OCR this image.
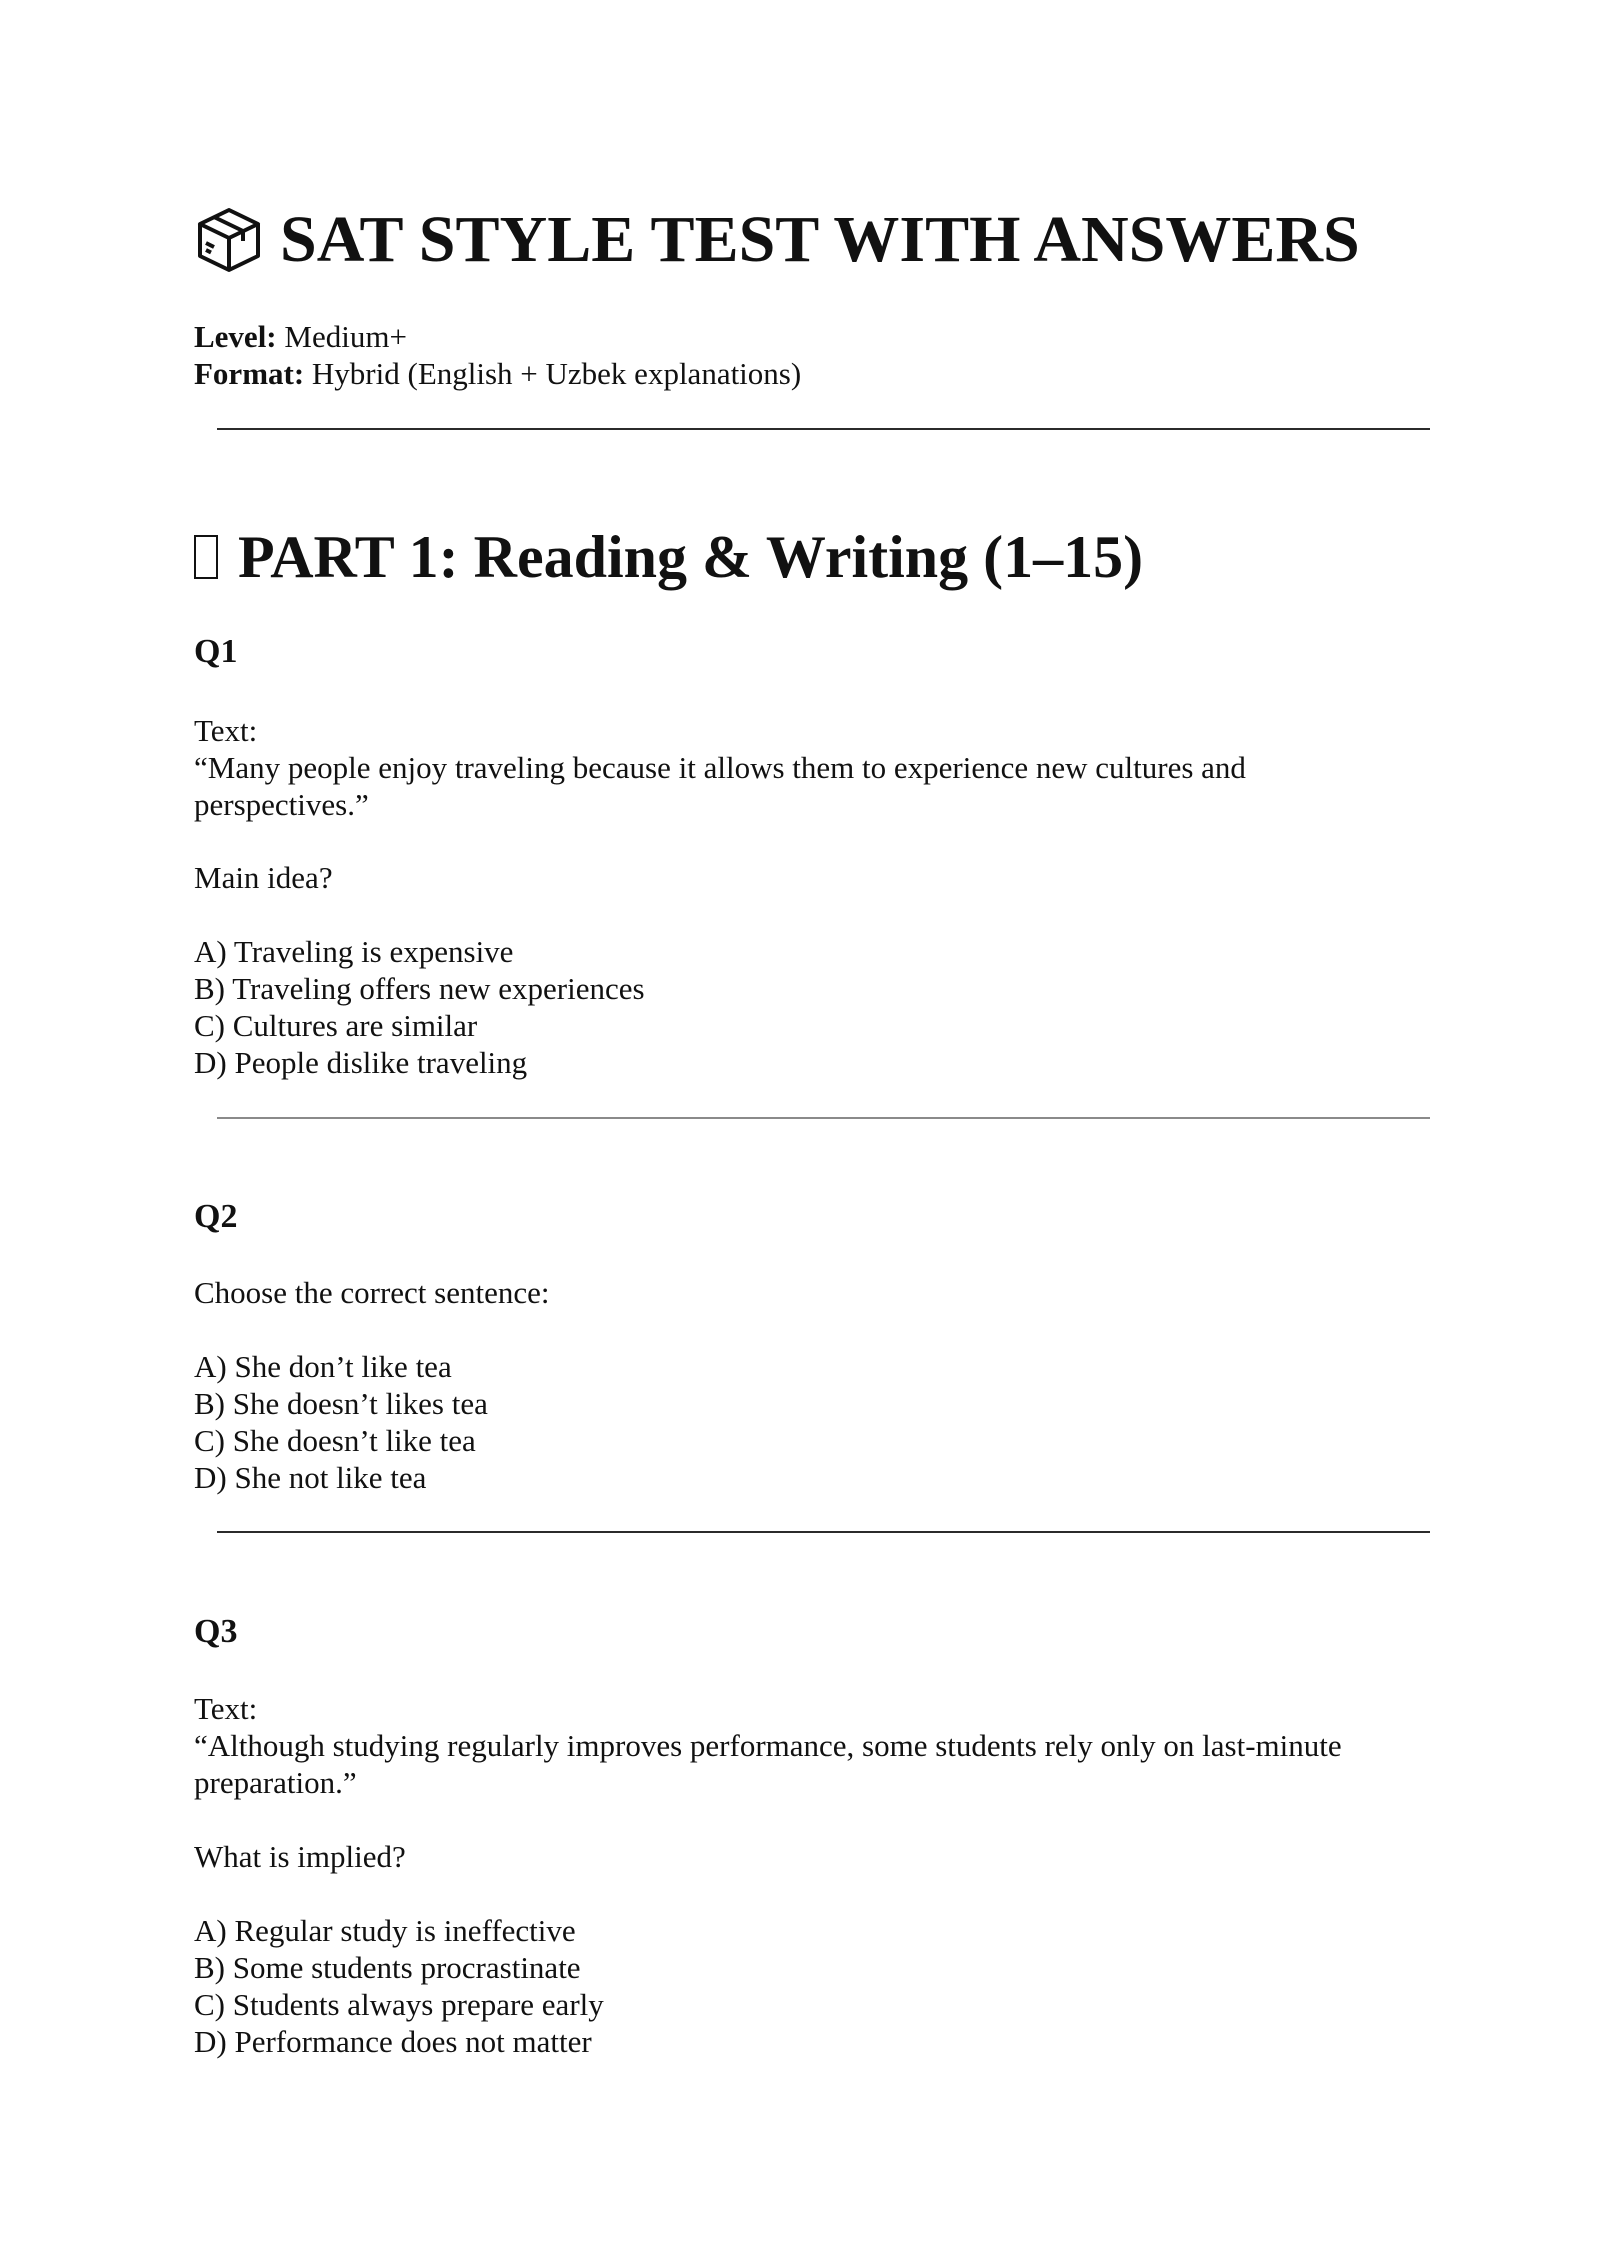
SAT STYLE TEST WITH ANSWERS
Level: Medium+
Format: Hybrid (English + Uzbek explanations)
PART 1: Reading & Writing (1–15)
Q1
Text:
“Many people enjoy traveling because it allows them to experience new cultures and
perspectives.”
Main idea?
A) Traveling is expensive
B) Traveling offers new experiences
C) Cultures are similar
D) People dislike traveling
Q2
Choose the correct sentence:
A) She don’t like tea
B) She doesn’t likes tea
C) She doesn’t like tea
D) She not like tea
Q3
Text:
“Although studying regularly improves performance, some students rely only on last-minute
preparation.”
What is implied?
A) Regular study is ineffective
B) Some students procrastinate
C) Students always prepare early
D) Performance does not matter
